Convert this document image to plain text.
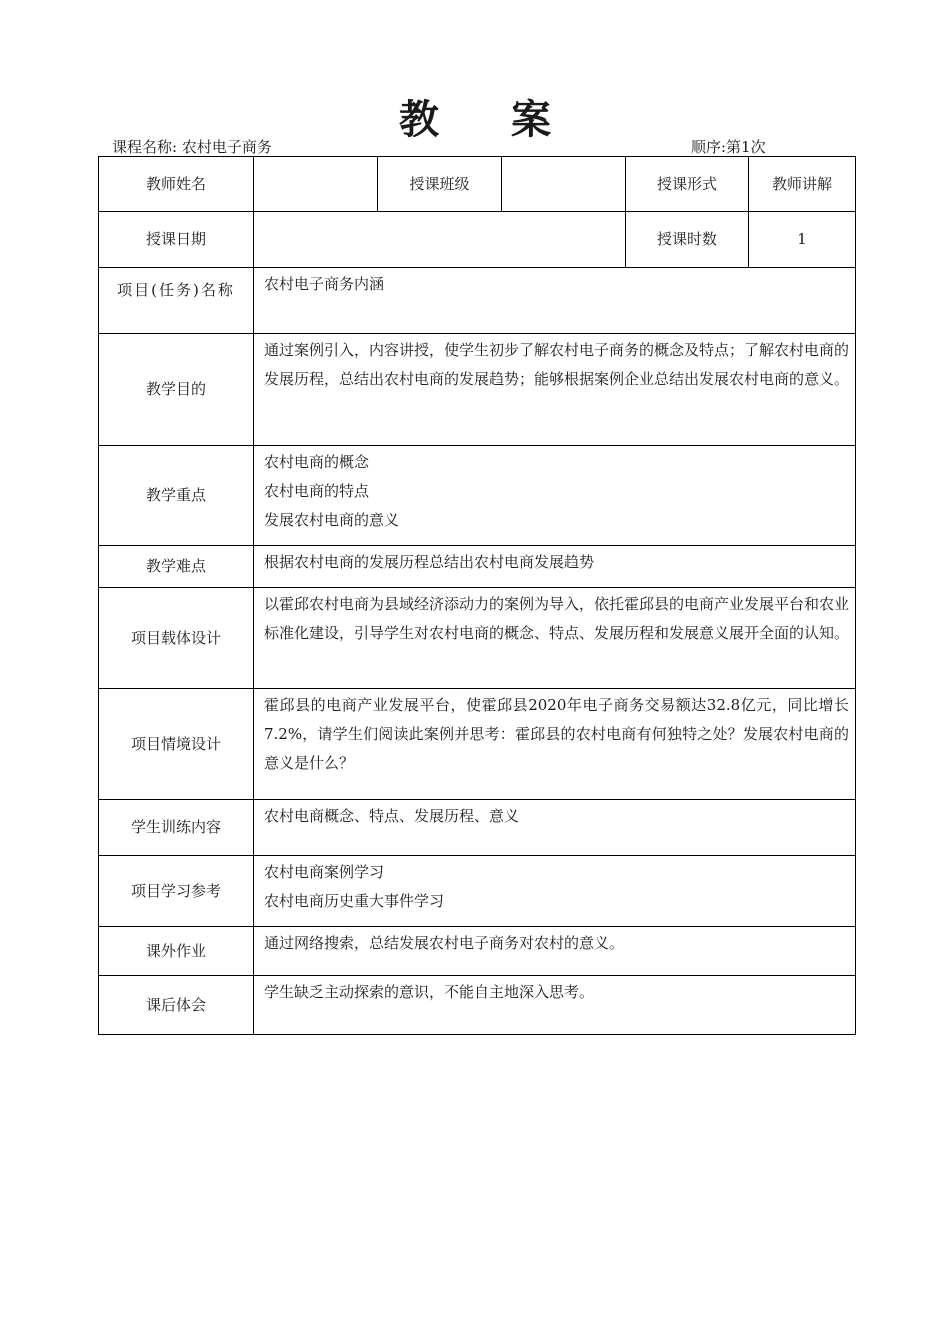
教案
课程名称: 农村电子商务	顺序:第1次
教师姓名		授课班级		授课形式	教师讲解
授课日期				授课时数	1
项目(任务)名称	农村电子商务内涵				

教学目的	通过案例引入，内容讲授，使学生初步了解农村电子商务的概念及特点；了解农村电商的发展历程，总结出农村电商的发展趋势；能够根据案例企业总结出发展农村电商的意义。				

教学重点	农村电商的概念
农村电商的特点
发展农村电商的意义				

教学难点	根据农村电商的发展历程总结出农村电商发展趋势				

项目载体设计	以霍邱农村电商为县域经济添动力的案例为导入，依托霍邱县的电商产业发展平台和农业标准化建设，引导学生对农村电商的概念、特点、发展历程和发展意义展开全面的认知。				

项目情境设计	霍邱县的电商产业发展平台，使霍邱县2020年电子商务交易额达32.8亿元，同比增长7.2%，请学生们阅读此案例并思考：霍邱县的农村电商有何独特之处？发展农村电商的意义是什么？				

学生训练内容	农村电商概念、特点、发展历程、意义				

项目学习参考	农村电商案例学习
农村电商历史重大事件学习				

课外作业	通过网络搜索，总结发展农村电子商务对农村的意义。				

课后体会	学生缺乏主动探索的意识，不能自主地深入思考。				
